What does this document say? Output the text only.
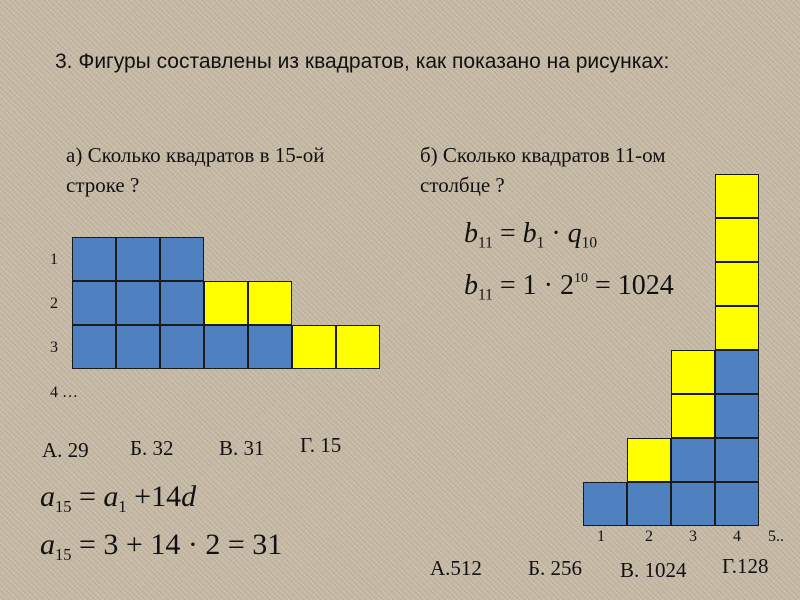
3. Фигуры составлены из квадратов, как показано на рисунках:
а) Сколько квадратов в 15-ой строке ?
1
2
3
4 …
А. 29 Б. 32 В. 31 Г. 15
$a_{15} = a_1 +14d$
$a_{15} = 3 + 14 \cdot 2 = 31$
б) Сколько квадратов 11-ом столбце ?
$b_{11} = b_1 \cdot q_{10}$
$b_{11} = 1 \cdot 2^{10} = 1024$
1	2 3 4 5..
А.512 Б. 256 В. 1024 Г.128
